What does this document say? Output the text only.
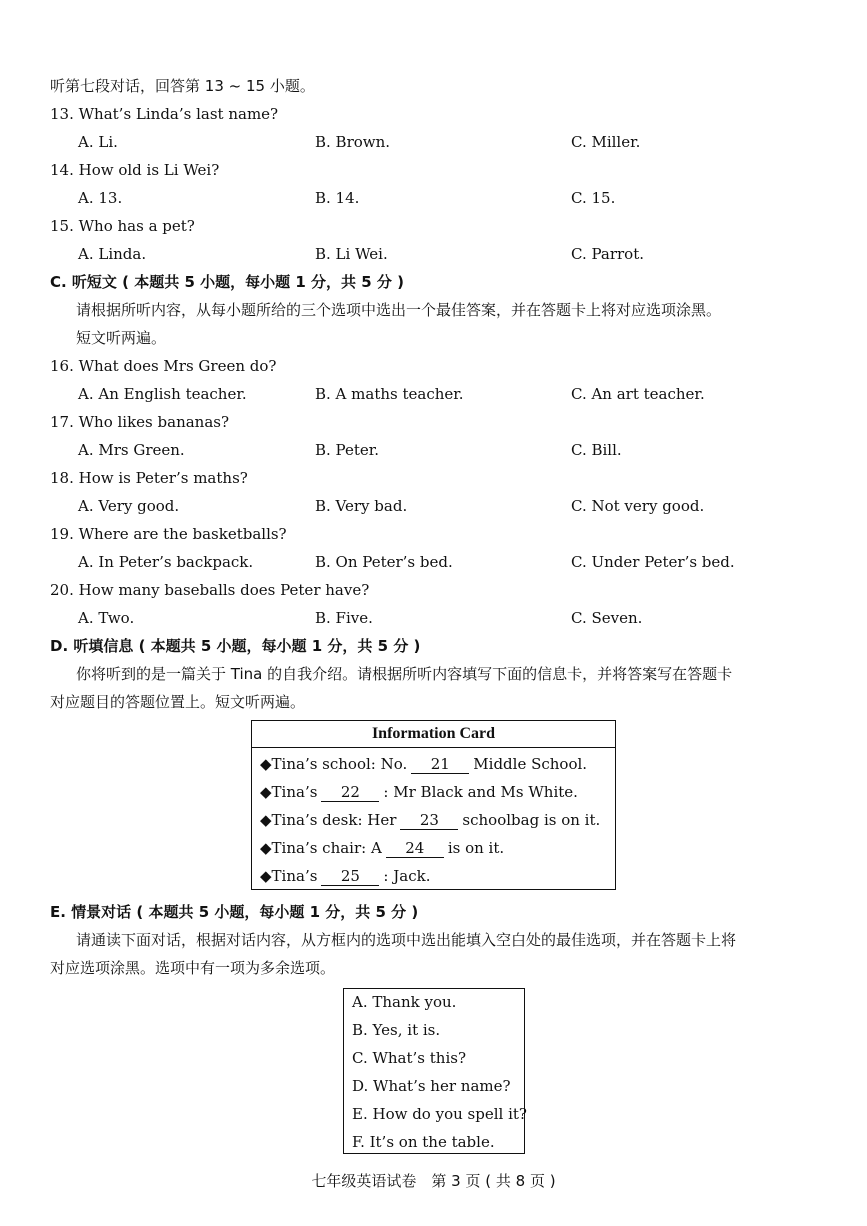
听第七段对话，回答第 13 ~ 15 小题。
13. What’s Linda’s last name?
A. Li.	B. Brown.	C. Miller.
14. How old is Li Wei?
A. 13.	B. 14.	C. 15.
15. Who has a pet?
A. Linda.	B. Li Wei.	C. Parrot.
C. 听短文 ( 本题共 5 小题，每小题 1 分，共 5 分 )
请根据所听内容，从每小题所给的三个选项中选出一个最佳答案，并在答题卡上将对应选项涂黑。
短文听两遍。
16. What does Mrs Green do?
A. An English teacher.	B. A maths teacher.	C. An art teacher.
17. Who likes bananas?
A. Mrs Green.	B. Peter.	C. Bill.
18. How is Peter’s maths?
A. Very good.	B. Very bad.	C. Not very good.
19. Where are the basketballs?
A. In Peter’s backpack.	B. On Peter’s bed.	C. Under Peter’s bed.
20. How many baseballs does Peter have?
A. Two.	B. Five.	C. Seven.
D. 听填信息 ( 本题共 5 小题，每小题 1 分，共 5 分 )
你将听到的是一篇关于 Tina 的自我介绍。请根据所听内容填写下面的信息卡，并将答案写在答题卡
对应题目的答题位置上。短文听两遍。
Information Card
◆Tina’s school: No. 21 Middle School.
◆Tina’s 22 : Mr Black and Ms White.
◆Tina’s desk: Her 23 schoolbag is on it.
◆Tina’s chair: A 24 is on it.
◆Tina’s 25 : Jack.
E. 情景对话 ( 本题共 5 小题，每小题 1 分，共 5 分 )
请通读下面对话，根据对话内容，从方框内的选项中选出能填入空白处的最佳选项，并在答题卡上将
对应选项涂黑。选项中有一项为多余选项。
A. Thank you.
B. Yes, it is.
C. What’s this?
D. What’s her name?
E. How do you spell it?
F. It’s on the table.
七年级英语试卷　第 3 页 ( 共 8 页 )
